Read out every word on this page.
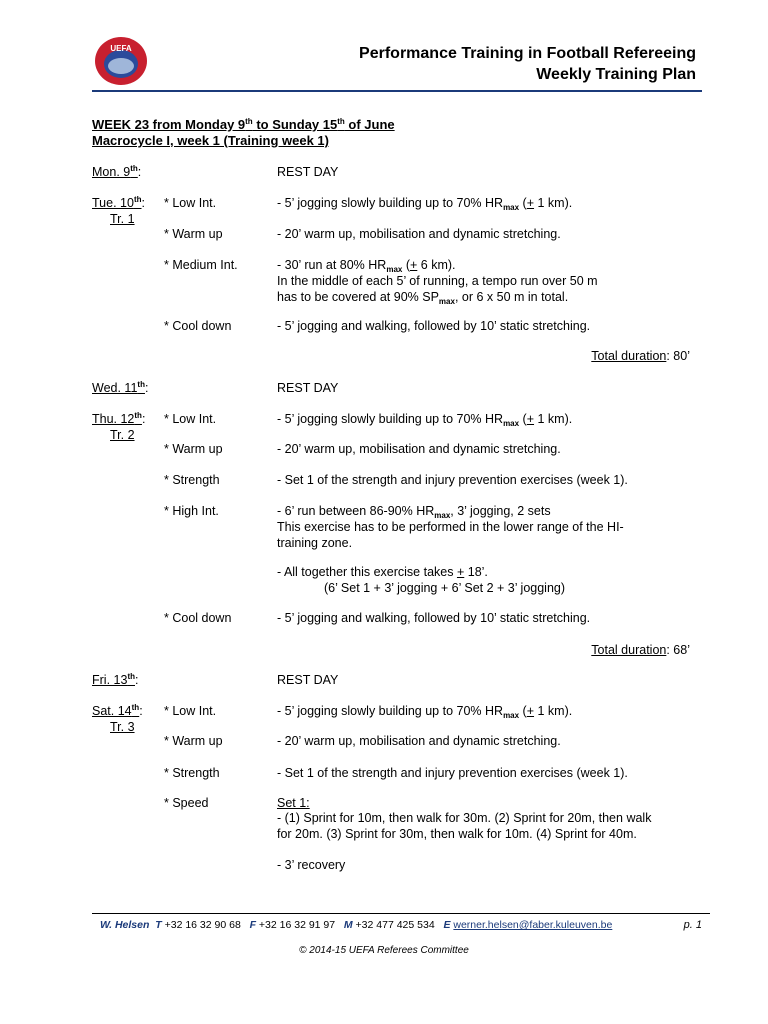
UEFA	Performance Training in Football Refereeing
Weekly Training Plan
WEEK 23 from Monday 9th to Sunday 15th of June
Macrocycle I, week 1 (Training week 1)
Mon. 9th:	REST DAY
Tue. 10th:
Tr. 1
* Low Int.	- 5’ jogging slowly building up to 70% $HR_{max}$ (+ 1 km).
* Warm up	- 20’ warm up, mobilisation and dynamic stretching.
* Medium Int.	- 30’ run at 80% $HR_{max}$ (+ 6 km).
In the middle of each 5’ of running, a tempo run over 50 m
has to be covered at 90% $SP_{max}$, or 6 x 50 m in total.
* Cool down	- 5’ jogging and walking, followed by 10’ static stretching.
Total duration: 80’
Wed. 11th:	REST DAY
Thu. 12th:
Tr. 2
* Low Int.	- 5’ jogging slowly building up to 70% $HR_{max}$ (+ 1 km).
* Warm up	- 20’ warm up, mobilisation and dynamic stretching.
* Strength	- Set 1 of the strength and injury prevention exercises (week 1).
* High Int.	- 6’ run between 86-90% $HR_{max}$, 3’ jogging, 2 sets
This exercise has to be performed in the lower range of the HI-
training zone.
- All together this exercise takes + 18’.
(6’ Set 1 + 3’ jogging + 6’ Set 2 + 3’ jogging)
* Cool down	- 5’ jogging and walking, followed by 10’ static stretching.
Total duration: 68’
Fri. 13th:	REST DAY
Sat. 14th:
Tr. 3
* Low Int.	- 5’ jogging slowly building up to 70% $HR_{max}$ (+ 1 km).
* Warm up	- 20’ warm up, mobilisation and dynamic stretching.
* Strength	- Set 1 of the strength and injury prevention exercises (week 1).
* Speed	Set 1:
- (1) Sprint for 10m, then walk for 30m. (2) Sprint for 20m, then walk
for 20m. (3) Sprint for 30m, then walk for 10m. (4) Sprint for 40m.
- 3’ recovery
W. Helsen T +32 16 32 90 68 F +32 16 32 91 97 M +32 477 425 534 E werner.helsen@faber.kuleuven.be	p. 1
© 2014-15 UEFA Referees Committee
